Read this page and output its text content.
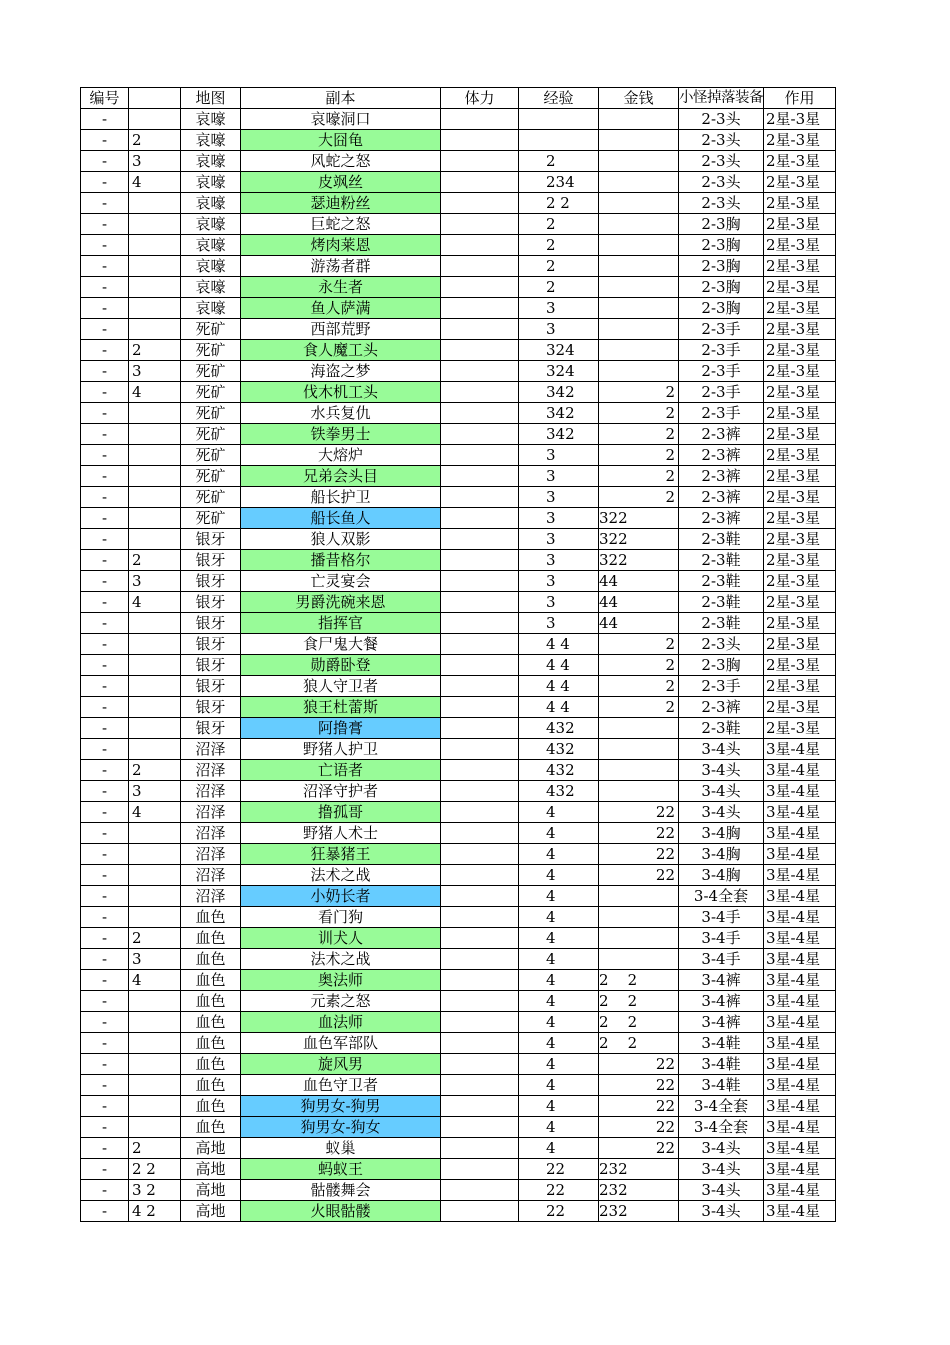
编号		地图	副本	体力	经验	金钱	小怪掉落装备	作用
-		哀嚎	哀嚎洞口				2-3头	2星-3星
-	2	哀嚎	大囧龟				2-3头	2星-3星
-	3	哀嚎	风蛇之怒		2		2-3头	2星-3星
-	4	哀嚎	皮飒丝		234		2-3头	2星-3星
-		哀嚎	瑟迪粉丝		2 2		2-3头	2星-3星
-		哀嚎	巨蛇之怒		2		2-3胸	2星-3星
-		哀嚎	烤肉莱恩		2		2-3胸	2星-3星
-		哀嚎	游荡者群		2		2-3胸	2星-3星
-		哀嚎	永生者		2		2-3胸	2星-3星
-		哀嚎	鱼人萨满		3		2-3胸	2星-3星
-		死矿	西部荒野		3		2-3手	2星-3星
-	2	死矿	食人魔工头		324		2-3手	2星-3星
-	3	死矿	海盗之梦		324		2-3手	2星-3星
-	4	死矿	伐木机工头		342	2	2-3手	2星-3星
-		死矿	水兵复仇		342	2	2-3手	2星-3星
-		死矿	铁拳男士		342	2	2-3裤	2星-3星
-		死矿	大熔炉		3	2	2-3裤	2星-3星
-		死矿	兄弟会头目		3	2	2-3裤	2星-3星
-		死矿	船长护卫		3	2	2-3裤	2星-3星
-		死矿	船长鱼人		3	322	2-3裤	2星-3星
-		银牙	狼人双影		3	322	2-3鞋	2星-3星
-	2	银牙	播昔格尔		3	322	2-3鞋	2星-3星
-	3	银牙	亡灵宴会		3	44	2-3鞋	2星-3星
-	4	银牙	男爵洗碗来恩		3	44	2-3鞋	2星-3星
-		银牙	指挥官		3	44	2-3鞋	2星-3星
-		银牙	食尸鬼大餐		4 4	2	2-3头	2星-3星
-		银牙	勋爵卧登		4 4	2	2-3胸	2星-3星
-		银牙	狼人守卫者		4 4	2	2-3手	2星-3星
-		银牙	狼王杜蕾斯		4 4	2	2-3裤	2星-3星
-		银牙	阿撸膏		432		2-3鞋	2星-3星
-		沼泽	野猪人护卫		432		3-4头	3星-4星
-	2	沼泽	亡语者		432		3-4头	3星-4星
-	3	沼泽	沼泽守护者		432		3-4头	3星-4星
-	4	沼泽	撸孤哥		4	22	3-4头	3星-4星
-		沼泽	野猪人术士		4	22	3-4胸	3星-4星
-		沼泽	狂暴猪王		4	22	3-4胸	3星-4星
-		沼泽	法术之战		4	22	3-4胸	3星-4星
-		沼泽	小奶长者		4		3-4全套	3星-4星
-		血色	看门狗		4		3-4手	3星-4星
-	2	血色	训犬人		4		3-4手	3星-4星
-	3	血色	法术之战		4		3-4手	3星-4星
-	4	血色	奥法师		4	2    2	3-4裤	3星-4星
-		血色	元素之怒		4	2    2	3-4裤	3星-4星
-		血色	血法师		4	2    2	3-4裤	3星-4星
-		血色	血色军部队		4	2    2	3-4鞋	3星-4星
-		血色	旋风男		4	22	3-4鞋	3星-4星
-		血色	血色守卫者		4	22	3-4鞋	3星-4星
-		血色	狗男女-狗男		4	22	3-4全套	3星-4星
-		血色	狗男女-狗女		4	22	3-4全套	3星-4星
-	2	高地	蚁巢		4	22	3-4头	3星-4星
-	2 2	高地	蚂蚁王		22	232	3-4头	3星-4星
-	3 2	高地	骷髅舞会		22	232	3-4头	3星-4星
-	4 2	高地	火眼骷髅		22	232	3-4头	3星-4星
